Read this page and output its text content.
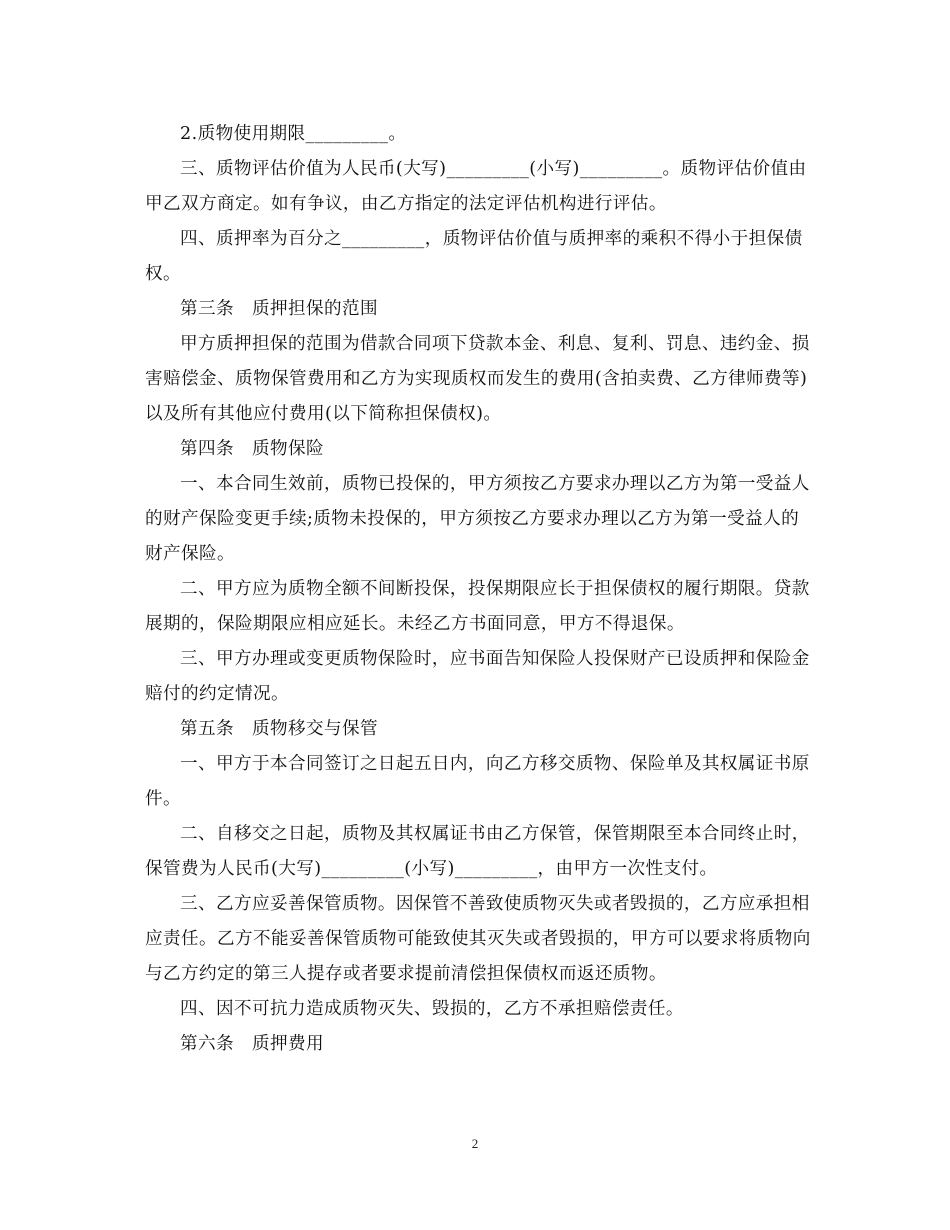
2.质物使用期限_________。

三、质物评估价值为人民币(大写)_________(小写)_________。质物评估价值由甲乙双方商定。如有争议，由乙方指定的法定评估机构进行评估。

四、质押率为百分之_________，质物评估价值与质押率的乘积不得小于担保债权。

第三条　质押担保的范围

甲方质押担保的范围为借款合同项下贷款本金、利息、复利、罚息、违约金、损害赔偿金、质物保管费用和乙方为实现质权而发生的费用(含拍卖费、乙方律师费等)以及所有其他应付费用(以下简称担保债权)。

第四条　质物保险

一、本合同生效前，质物已投保的，甲方须按乙方要求办理以乙方为第一受益人的财产保险变更手续;质物未投保的，甲方须按乙方要求办理以乙方为第一受益人的财产保险。

二、甲方应为质物全额不间断投保，投保期限应长于担保债权的履行期限。贷款展期的，保险期限应相应延长。未经乙方书面同意，甲方不得退保。

三、甲方办理或变更质物保险时，应书面告知保险人投保财产已设质押和保险金赔付的约定情况。

第五条　质物移交与保管

一、甲方于本合同签订之日起五日内，向乙方移交质物、保险单及其权属证书原件。

二、自移交之日起，质物及其权属证书由乙方保管，保管期限至本合同终止时，保管费为人民币(大写)_________(小写)_________，由甲方一次性支付。

三、乙方应妥善保管质物。因保管不善致使质物灭失或者毁损的，乙方应承担相应责任。乙方不能妥善保管质物可能致使其灭失或者毁损的，甲方可以要求将质物向与乙方约定的第三人提存或者要求提前清偿担保债权而返还质物。

四、因不可抗力造成质物灭失、毁损的，乙方不承担赔偿责任。

第六条　质押费用

2
